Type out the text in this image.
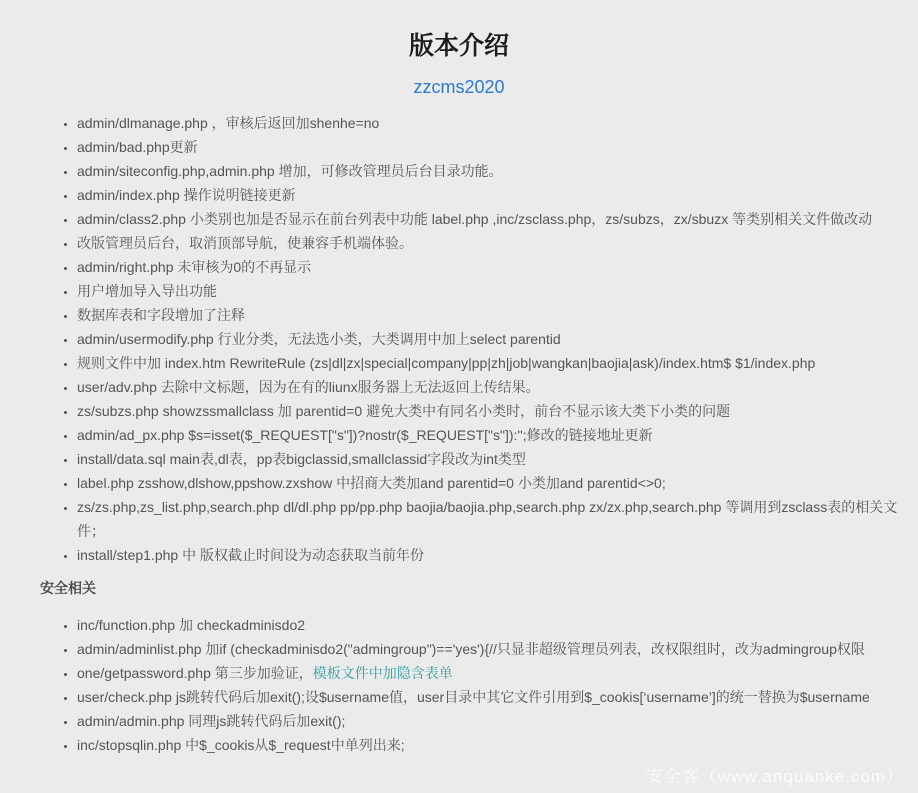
版本介绍
zzcms2020
• admin/dlmanage.php ，审核后返回加shenhe=no
• admin/bad.php更新
• admin/siteconfig.php,admin.php 增加，可修改管理员后台目录功能。
• admin/index.php 操作说明链接更新
• admin/class2.php 小类别也加是否显示在前台列表中功能 label.php ,inc/zsclass.php，zs/subzs，zx/sbuzx 等类别相关文件做改动
• 改版管理员后台，取消顶部导航，使兼容手机端体验。
• admin/right.php 未审核为0的不再显示
• 用户增加导入导出功能
• 数据库表和字段增加了注释
• admin/usermodify.php 行业分类，无法选小类，大类调用中加上select parentid
• 规则文件中加 index.htm RewriteRule (zs|dl|zx|special|company|pp|zh|job|wangkan|baojia|ask)/index.htm$ $1/index.php
• user/adv.php 去除中文标题，因为在有的liunx服务器上无法返回上传结果。
• zs/subzs.php showzssmallclass 加 parentid=0 避免大类中有同名小类时，前台不显示该大类下小类的问题
• admin/ad_px.php $s=isset($_REQUEST["s"])?nostr($_REQUEST["s"]):'';修改的链接地址更新
• install/data.sql main表,dl表，pp表bigclassid,smallclassid字段改为int类型
• label.php zsshow,dlshow,ppshow.zxshow 中招商大类加and parentid=0 小类加and parentid<>0;
• zs/zs.php,zs_list.php,search.php dl/dl.php pp/pp.php baojia/baojia.php,search.php zx/zx.php,search.php 等调用到zsclass表的相关文件；
• install/step1.php 中 版权截止时间设为动态获取当前年份
安全相关
• inc/function.php 加 checkadminisdo2
• admin/adminlist.php 加if (checkadminisdo2("admingroup")=='yes'){//只显非超级管理员列表，改权限组时，改为admingroup权限
• one/getpassword.php 第三步加验证，模板文件中加隐含表单
• user/check.php js跳转代码后加exit();设$username值，user目录中其它文件引用到$_cookis[‘username’]的统一替换为$username
• admin/admin.php 同理js跳转代码后加exit();
• inc/stopsqlin.php 中$_cookis从$_request中单列出来;
安全客（www.anquanke.com）
